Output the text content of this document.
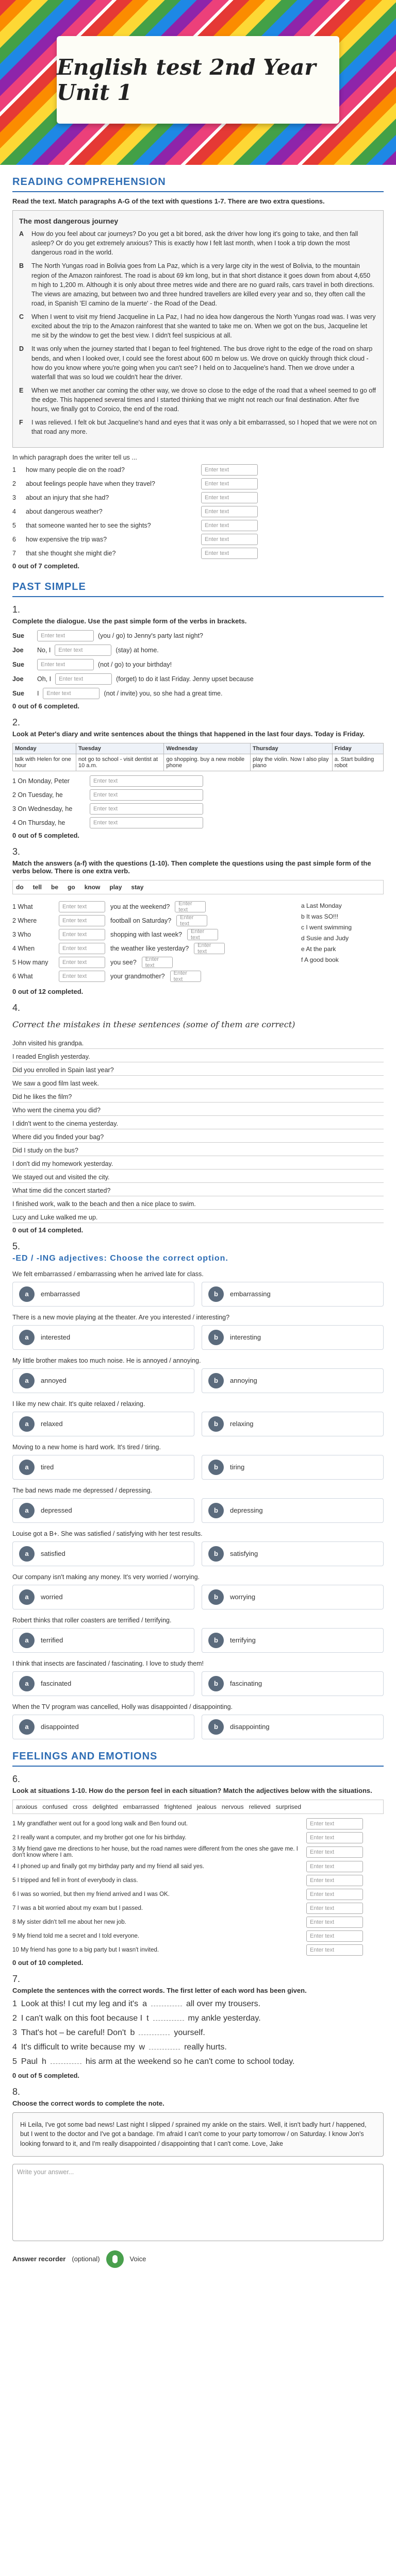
English test 2nd Year Unit 1
READING COMPREHENSION

Read the text. Match paragraphs A-G of the text with questions 1-7. There are two extra questions.

The most dangerous journey
A	How do you feel about car journeys? Do you get a bit bored, ask the driver how long it's going to take, and then fall asleep? Or do you get extremely anxious? This is exactly how I felt last month, when I took a trip down the most dangerous road in the world.
B	The North Yungas road in Bolivia goes from La Paz, which is a very large city in the west of Bolivia, to the mountain region of the Amazon rainforest. The road is about 69 km long, but in that short distance it goes down from about 4,650 m high to 1,200 m. Although it is only about three metres wide and there are no guard rails, cars travel in both directions. The views are amazing, but between two and three hundred travellers are killed every year and so, they often call the road, in Spanish 'El camino de la muerte' - the Road of the Dead.
C	When I went to visit my friend Jacqueline in La Paz, I had no idea how dangerous the North Yungas road was. I was very excited about the trip to the Amazon rainforest that she wanted to take me on. When we got on the bus, Jacqueline let me sit by the window to get the best view. I didn't feel suspicious at all.
D	It was only when the journey started that I began to feel frightened. The bus drove right to the edge of the road on sharp bends, and when I looked over, I could see the forest about 600 m below us. We drove on quickly through thick cloud - how do you know where you're going when you can't see? I held on to Jacqueline's hand. Then we drove under a waterfall that was so loud we couldn't hear the driver.
E	When we met another car coming the other way, we drove so close to the edge of the road that a wheel seemed to go off the edge. This happened several times and I started thinking that we might not reach our final destination. After five hours, we finally got to Coroico, the end of the road.
F	I was relieved. I felt ok but Jacqueline's hand and eyes that it was only a bit embarrassed, so I hoped that we were not on that road any more.

In which paragraph does the writer tell us ...

1	how many people die on the road?	Enter text
2	about feelings people have when they travel?	Enter text
3	about an injury that she had?	Enter text
4	about dangerous weather?	Enter text
5	that someone wanted her to see the sights?	Enter text
6	how expensive the trip was?	Enter text
7	that she thought she might die?	Enter text

0 out of 7 completed.

PAST SIMPLE

1.

Complete the dialogue. Use the past simple form of the verbs in brackets.

Sue	Enter text	(you / go) to Jenny's party last night?
Joe	No, I	Enter text	(stay) at home.
Sue	Enter text	(not / go) to your birthday!
Joe	Oh, I	Enter text	(forget) to do it last Friday. Jenny upset because
Sue	I	Enter text	(not / invite) you, so she had a great time.

0 out of 6 completed.

2.

Look at Peter's diary and write sentences about the things that happened in the last four days. Today is Friday.

Monday	Tuesday	Wednesday	Thursday	Friday
talk with Helen for one hour	not go to school - visit dentist at 10 a.m.	go shopping. buy a new mobile phone	play the violin. Now I also play piano	a. Start building robot
1 On Monday, Peter	Enter text
2 On Tuesday, he	Enter text
3 On Wednesday, he	Enter text
4 On Thursday, he	Enter text

0 out of 5 completed.

3.

Match the answers (a-f) with the questions (1-10). Then complete the questions using the past simple form of the verbs below. There is one extra verb.

do tell be go know play stay
1 What	Enter text	you at the weekend?	Enter text
2 Where	Enter text	football on Saturday?	Enter text
3 Who	Enter text	shopping with last week?	Enter text
4 When	Enter text	the weather like yesterday?	Enter text
5 How many	Enter text	you see?	Enter text
6 What	Enter text	your grandmother?	Enter text
a Last Monday
b It was SO!!!
c I went swimming
d Susie and Judy
e At the park
f A good book

0 out of 12 completed.

4.

Correct the mistakes in these sentences (some of them are correct)

John visited his grandpa.
I readed English yesterday.
Did you enrolled in Spain last year?
We saw a good film last week.
Did he likes the film?
Who went the cinema you did?
I didn't went to the cinema yesterday.
Where did you finded your bag?
Did I study on the bus?
I don't did my homework yesterday.
We stayed out and visited the city.
What time did the concert started?
I finished work, walk to the beach and then a nice place to swim.
Lucy and Luke walked me up.

0 out of 14 completed.

5.

-ED / -ING adjectives: Choose the correct option.

We felt embarrassed / embarrassing when he arrived late for class.

a	embarrassed	b	embarrassing

There is a new movie playing at the theater. Are you interested / interesting?

a	interested	b	interesting

My little brother makes too much noise. He is annoyed / annoying.

a	annoyed	b	annoying

I like my new chair. It's quite relaxed / relaxing.

a	relaxed	b	relaxing

Moving to a new home is hard work. It's tired / tiring.

a	tired	b	tiring

The bad news made me depressed / depressing.

a	depressed	b	depressing

Louise got a B+. She was satisfied / satisfying with her test results.

a	satisfied	b	satisfying

Our company isn't making any money. It's very worried / worrying.

a	worried	b	worrying

Robert thinks that roller coasters are terrified / terrifying.

a	terrified	b	terrifying

I think that insects are fascinated / fascinating. I love to study them!

a	fascinated	b	fascinating

When the TV program was cancelled, Holly was disappointed / disappointing.

a	disappointed	b	disappointing
FEELINGS AND EMOTIONS

6.

Look at situations 1-10. How do the person feel in each situation? Match the adjectives below with the situations.

anxious confused cross delighted embarrassed frightened jealous nervous relieved surprised
1 My grandfather went out for a good long walk and Ben found out.	Enter text
2 I really want a computer, and my brother got one for his birthday.	Enter text
3 My friend gave me directions to her house, but the road names were different from the ones she gave me. I don't know where I am.	Enter text
4 I phoned up and finally got my birthday party and my friend all said yes.	Enter text
5 I tripped and fell in front of everybody in class.	Enter text
6 I was so worried, but then my friend arrived and I was OK.	Enter text
7 I was a bit worried about my exam but I passed.	Enter text
8 My sister didn't tell me about her new job.	Enter text
9 My friend told me a secret and I told everyone.	Enter text
10 My friend has gone to a big party but I wasn't invited.	Enter text

0 out of 10 completed.

7.

Complete the sentences with the correct words. The first letter of each word has been given.

1 Look at this! I cut my leg and it's a	all over my trousers.
2 I can't walk on this foot because I t	my ankle yesterday.
3 That's hot – be careful! Don't b	yourself.
4 It's difficult to write because my w	really hurts.
5 Paul h	his arm at the weekend so he can't come to school today.

0 out of 5 completed.

8.

Choose the correct words to complete the note.

Hi Leila, I've got some bad news! Last night I slipped / sprained my ankle on the stairs. Well, it isn't badly hurt / happened, but I went to the doctor and I've got a bandage. I'm afraid I can't come to your party tomorrow / on Saturday. I know Jon's looking forward to it, and I'm really disappointed / disappointing that I can't come. Love, Jake
Write your answer...
Answer recorder (optional)	Voice
